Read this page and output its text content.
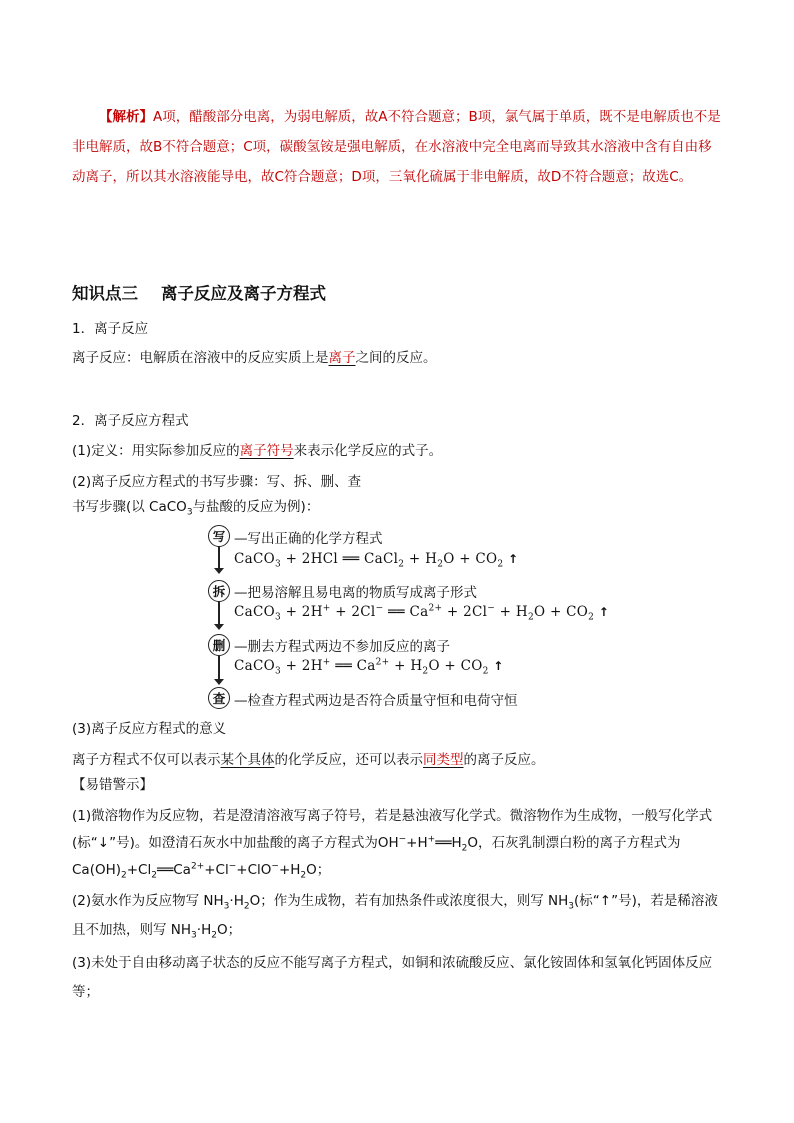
【解析】A项，醋酸部分电离，为弱电解质，故A不符合题意；B项，氯气属于单质，既不是电解质也不是非电解质，故B不符合题意；C项，碳酸氢铵是强电解质，在水溶液中完全电离而导致其水溶液中含有自由移动离子，所以其水溶液能导电，故C符合题意；D项，三氧化硫属于非电解质，故D不符合题意；故选C。
知识点三    离子反应及离子方程式
1．离子反应
离子反应：电解质在溶液中的反应实质上是离子之间的反应。
2．离子反应方程式
(1)定义：用实际参加反应的离子符号来表示化学反应的式子。
(2)离子反应方程式的书写步骤：写、拆、删、查
书写步骤(以 CaCO$_3$与盐酸的反应为例)：
写 —写出正确的化学方程式
CaCO$_3$ + 2HCl ══ CaCl$_2$ + $H_2O + CO_2$ ↑
拆 —把易溶解且易电离的物质写成离子形式
CaCO$_3$ + 2H+ + 2Cl− ══ $Ca^{2+} + 2Cl^- + H_2O + CO_2$ ↑
删 —删去方程式两边不参加反应的离子
CaCO$_3$ + 2H+ ══ $Ca^{2+} + H_2O + CO_2$ ↑
查 —检查方程式两边是否符合质量守恒和电荷守恒
(3)离子反应方程式的意义
离子方程式不仅可以表示某个具体的化学反应，还可以表示同类型的离子反应。
【易错警示】
(1)微溶物作为反应物，若是澄清溶液写离子符号，若是悬浊液写化学式。微溶物作为生成物，一般写化学式(标“↓”号)。如澄清石灰水中加盐酸的离子方程式为$OH^-+H^+══H_2O$，石灰乳制漂白粉的离子方程式为
$Ca(OH)_2+Cl_2══Ca^{2+}+Cl^-+ClO^-+H_2O$；
(2)氨水作为反应物写 $NH_3\cdot H_2O$；作为生成物，若有加热条件或浓度很大，则写 $NH_3$(标“↑”号)，若是稀溶液且不加热，则写 $NH_3\cdot H_2O$；
(3)未处于自由移动离子状态的反应不能写离子方程式，如铜和浓硫酸反应、氯化铵固体和氢氧化钙固体反应等；
